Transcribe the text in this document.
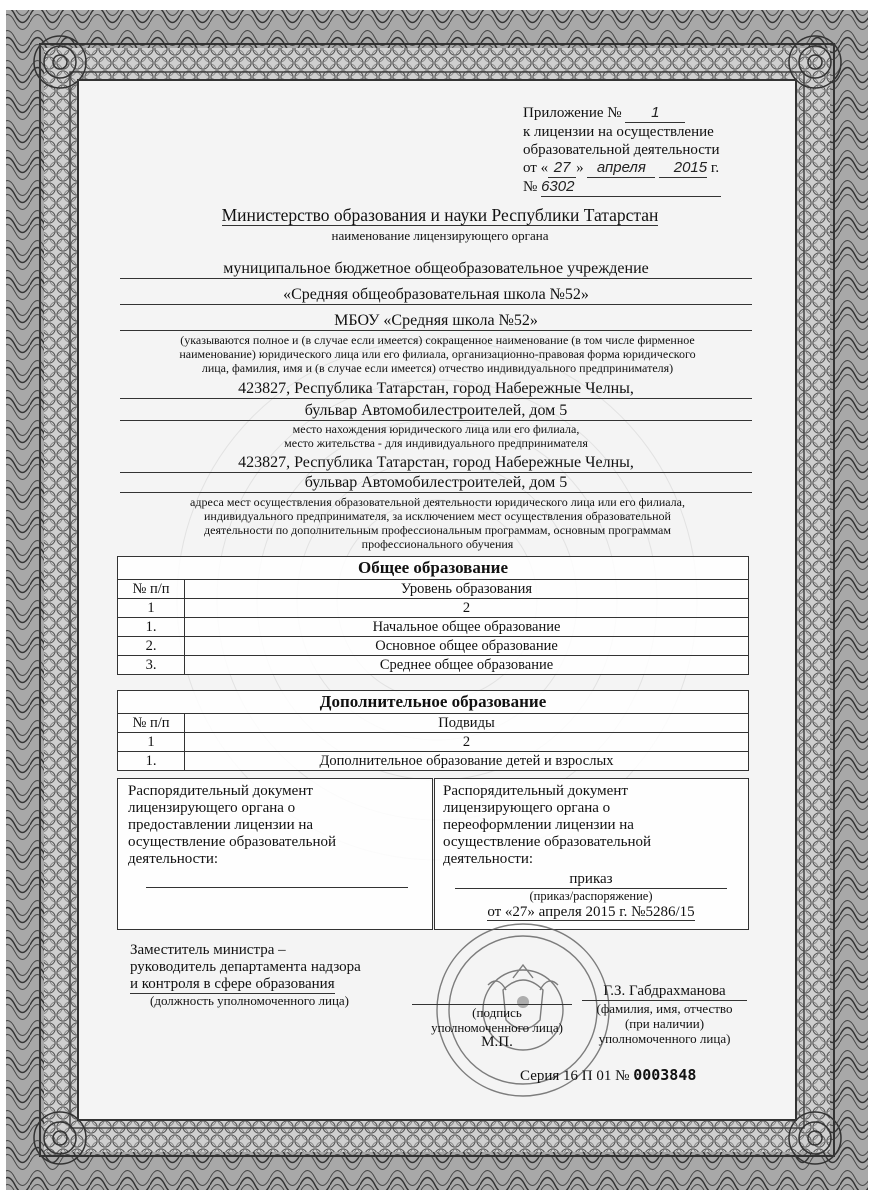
Приложение № 1
к лицензии на осуществление
образовательной деятельности
от « 27 » апреля 2015 г.
№ 6302
Министерство образования и науки Республики Татарстан
наименование лицензирующего органа
муниципальное бюджетное общеобразовательное учреждение
«Средняя общеобразовательная школа №52»
МБОУ «Средняя школа №52»
(указываются полное и (в случае если имеется) сокращенное наименование (в том числе фирменное
наименование) юридического лица или его филиала, организационно-правовая форма юридического
лица, фамилия, имя и (в случае если имеется) отчество индивидуального предпринимателя)
423827, Республика Татарстан, город Набережные Челны,
бульвар Автомобилестроителей, дом 5
место нахождения юридического лица или его филиала,
место жительства - для индивидуального предпринимателя
423827, Республика Татарстан, город Набережные Челны,
бульвар Автомобилестроителей, дом 5
адреса мест осуществления образовательной деятельности юридического лица или его филиала,
индивидуального предпринимателя, за исключением мест осуществления образовательной
деятельности по дополнительным профессиональным программам, основным программам
профессионального обучения
Общее образование
№ п/п	Уровень образования
1	2
1.	Начальное общее образование
2.	Основное общее образование
3.	Среднее общее образование
Дополнительное образование
№ п/п	Подвиды
1	2
1.	Дополнительное образование детей и взрослых
Распорядительный документ
лицензирующего органа о
предоставлении лицензии на
осуществление образовательной
деятельности:
Распорядительный документ
лицензирующего органа о
переоформлении лицензии на
осуществление образовательной
деятельности:
приказ
(приказ/распоряжение)
от «27» апреля 2015 г. №5286/15
Заместитель министра –
руководитель департамента надзора
и контроля в сфере образования
(должность уполномоченного лица)
(подпись
уполномоченного лица)
М.П.
Г.З. Габдрахманова
(фамилия, имя, отчество
(при наличии)
уполномоченного лица)
Серия 16 П 01 № 0003848
